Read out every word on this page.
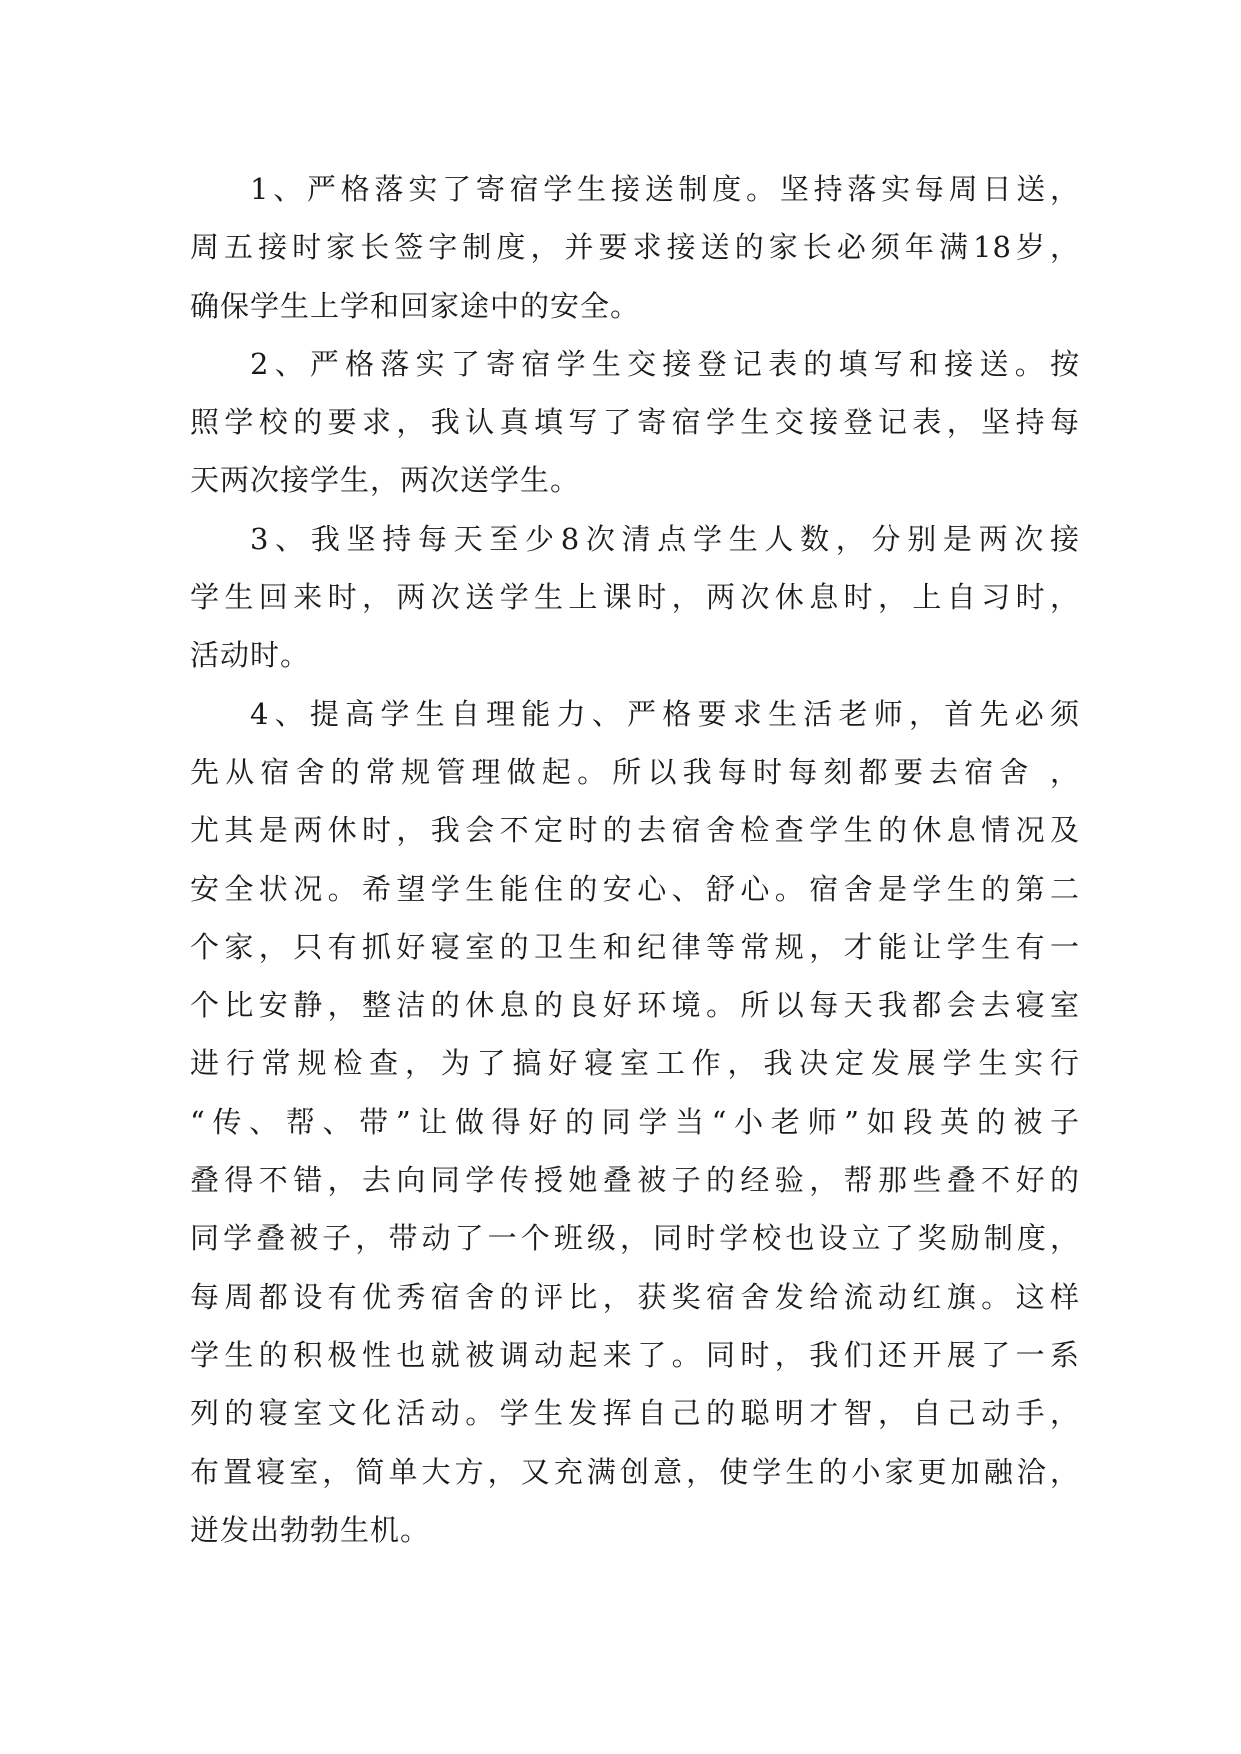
1、严格落实了寄宿学生接送制度。坚持落实每周日送，
周五接时家长签字制度，并要求接送的家长必须年满18岁，
确保学生上学和回家途中的安全。
2、严格落实了寄宿学生交接登记表的填写和接送。按
照学校的要求，我认真填写了寄宿学生交接登记表，坚持每
天两次接学生，两次送学生。
3、我坚持每天至少8次清点学生人数，分别是两次接
学生回来时，两次送学生上课时，两次休息时，上自习时，
活动时。
4、提高学生自理能力、严格要求生活老师，首先必须
先从宿舍的常规管理做起。所以我每时每刻都要去宿舍 ，
尤其是两休时，我会不定时的去宿舍检查学生的休息情况及
安全状况。希望学生能住的安心、舒心。宿舍是学生的第二
个家，只有抓好寝室的卫生和纪律等常规，才能让学生有一
个比安静，整洁的休息的良好环境。所以每天我都会去寝室
进行常规检查，为了搞好寝室工作，我决定发展学生实行
“传、帮、带”让做得好的同学当“小老师”如段英的被子
叠得不错，去向同学传授她叠被子的经验，帮那些叠不好的
同学叠被子，带动了一个班级，同时学校也设立了奖励制度，
每周都设有优秀宿舍的评比，获奖宿舍发给流动红旗。这样
学生的积极性也就被调动起来了。同时，我们还开展了一系
列的寝室文化活动。学生发挥自己的聪明才智，自己动手，
布置寝室，简单大方，又充满创意，使学生的小家更加融洽，
迸发出勃勃生机。
